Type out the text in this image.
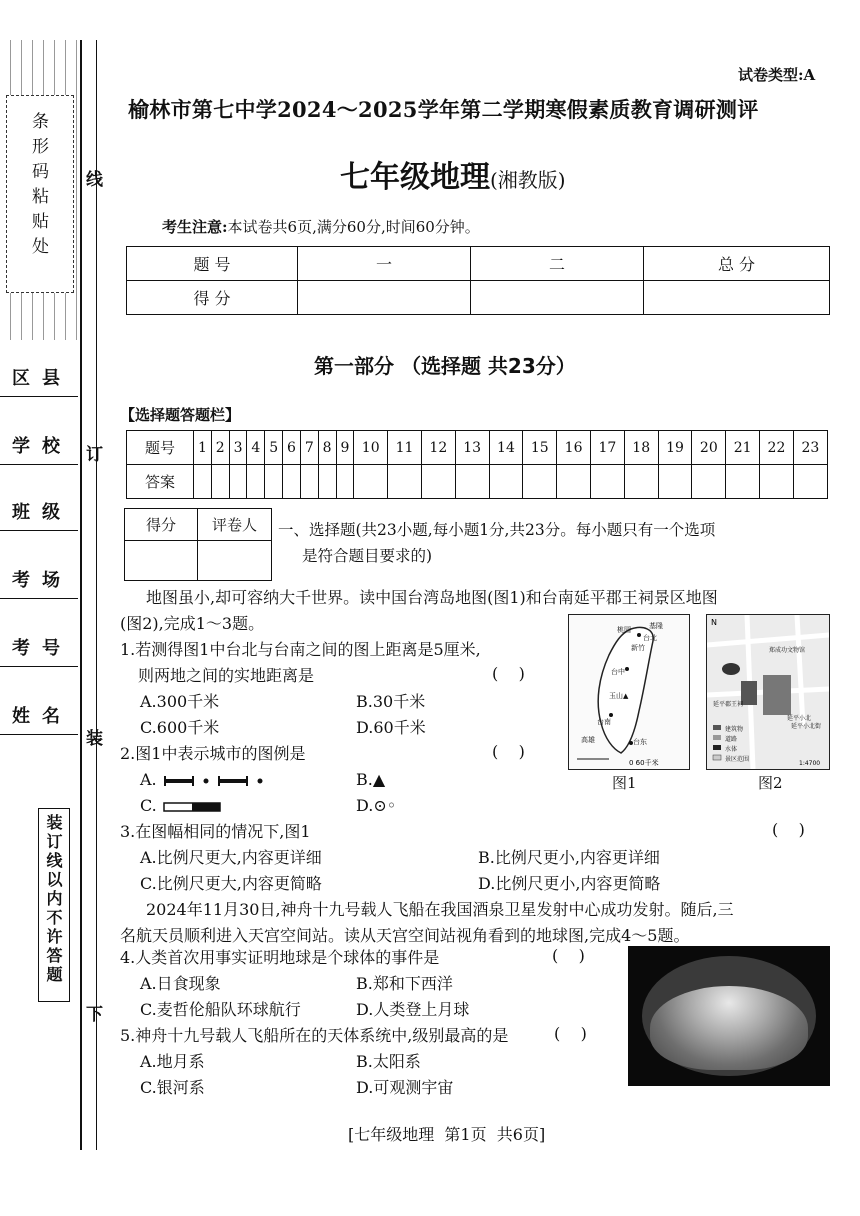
条形码粘贴处
区县
学校
班级
考场
考号
姓名
线
订
装
下
装订线以内不许答题
试卷类型:A
榆林市第七中学2024～2025学年第二学期寒假素质教育调研测评
七年级地理(湘教版)
考生注意:本试卷共6页,满分60分,时间60分钟。
题 号	一	二	总 分
得 分			
第一部分 （选择题 共23分）
【选择题答题栏】
题号	1	2	3	4	5	6	7	8	9	10	11	12	13	14	15	16	17	18	19	20	21	22	23
答案																							
得分	评卷人
	一、选择题(共23小题,每小题1分,共23分。每小题只有一个选项
是符合题目要求的)
地图虽小,却可容纳大千世界。读中国台湾岛地图(图1)和台南延平郡王祠景区地图
(图2),完成1～3题。
1.若测得图1中台北与台南之间的图上距离是5厘米,
则两地之间的实地距离是	(    )
A.300千米	B.30千米
C.600千米	D.60千米
2.图1中表示城市的图例是	(    )
A.	B.▲
C.	D.⊙◦
0 60千米
桃园	基隆
台北
新竹
台中
玉山▲
台南
高雄	台东
图1
N
1:4700
郑成功文物馆
延平郡王祠
延平小北
延平小北街
建筑物
道路
水体
景区范围
图2
3.在图幅相同的情况下,图1	(    )
A.比例尺更大,内容更详细	B.比例尺更小,内容更详细
C.比例尺更大,内容更简略	D.比例尺更小,内容更简略
2024年11月30日,神舟十九号载人飞船在我国酒泉卫星发射中心成功发射。随后,三
名航天员顺利进入天宫空间站。读从天宫空间站视角看到的地球图,完成4～5题。
4.人类首次用事实证明地球是个球体的事件是	(    )
A.日食现象	B.郑和下西洋
C.麦哲伦船队环球航行	D.人类登上月球
5.神舟十九号载人飞船所在的天体系统中,级别最高的是	(    )
A.地月系	B.太阳系
C.银河系	D.可观测宇宙
[七年级地理  第1页  共6页]
